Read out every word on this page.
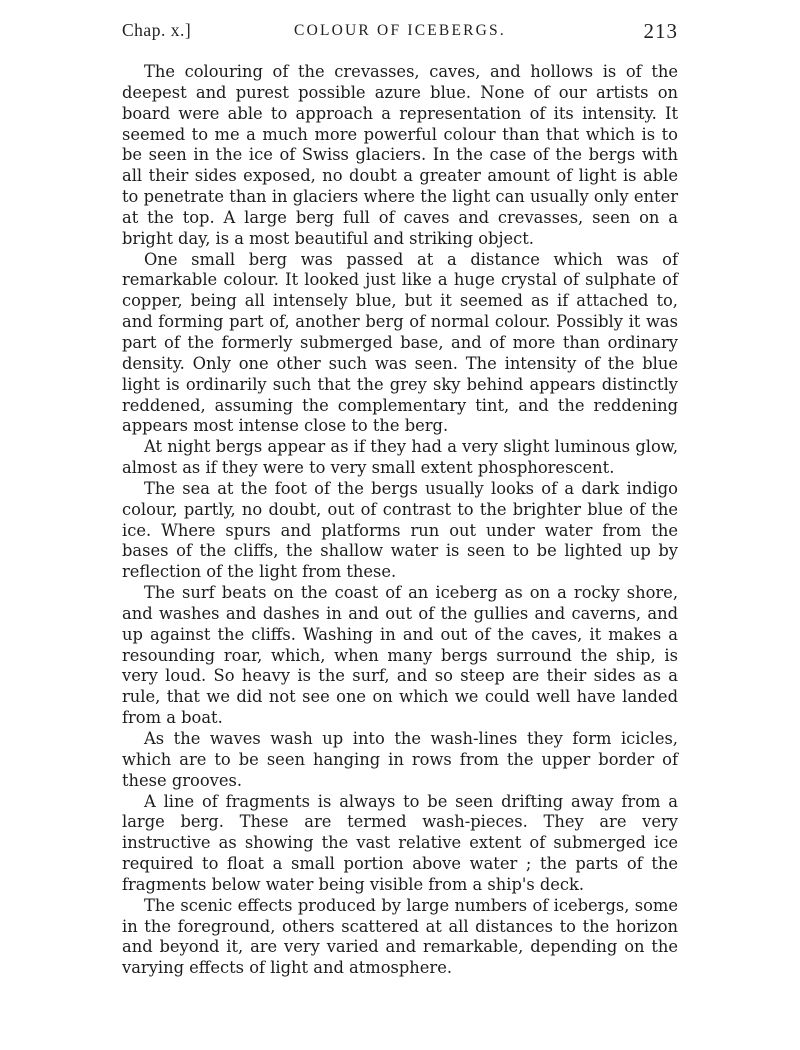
Chap. x.]	COLOUR OF ICEBERGS.	213

The colouring of the crevasses, caves, and hollows is of the deepest and purest possible azure blue. None of our artists on board were able to approach a representation of its intensity. It seemed to me a much more powerful colour than that which is to be seen in the ice of Swiss glaciers. In the case of the bergs with all their sides exposed, no doubt a greater amount of light is able to penetrate than in glaciers where the light can usually only enter at the top. A large berg full of caves and crevasses, seen on a bright day, is a most beautiful and striking object.

One small berg was passed at a distance which was of remarkable colour. It looked just like a huge crystal of sulphate of copper, being all intensely blue, but it seemed as if attached to, and forming part of, another berg of normal colour. Possibly it was part of the formerly submerged base, and of more than ordinary density. Only one other such was seen. The intensity of the blue light is ordinarily such that the grey sky behind appears distinctly reddened, assuming the complementary tint, and the reddening appears most intense close to the berg.

At night bergs appear as if they had a very slight luminous glow, almost as if they were to very small extent phosphorescent.

The sea at the foot of the bergs usually looks of a dark indigo colour, partly, no doubt, out of contrast to the brighter blue of the ice. Where spurs and platforms run out under water from the bases of the cliffs, the shallow water is seen to be lighted up by reflection of the light from these.

The surf beats on the coast of an iceberg as on a rocky shore, and washes and dashes in and out of the gullies and caverns, and up against the cliffs. Washing in and out of the caves, it makes a resounding roar, which, when many bergs surround the ship, is very loud. So heavy is the surf, and so steep are their sides as a rule, that we did not see one on which we could well have landed from a boat.

As the waves wash up into the wash-lines they form icicles, which are to be seen hanging in rows from the upper border of these grooves.

A line of fragments is always to be seen drifting away from a large berg. These are termed wash-pieces. They are very instructive as showing the vast relative extent of submerged ice required to float a small portion above water ; the parts of the fragments below water being visible from a ship's deck.

The scenic effects produced by large numbers of icebergs, some in the foreground, others scattered at all distances to the horizon and beyond it, are very varied and remarkable, depending on the varying effects of light and atmosphere.
